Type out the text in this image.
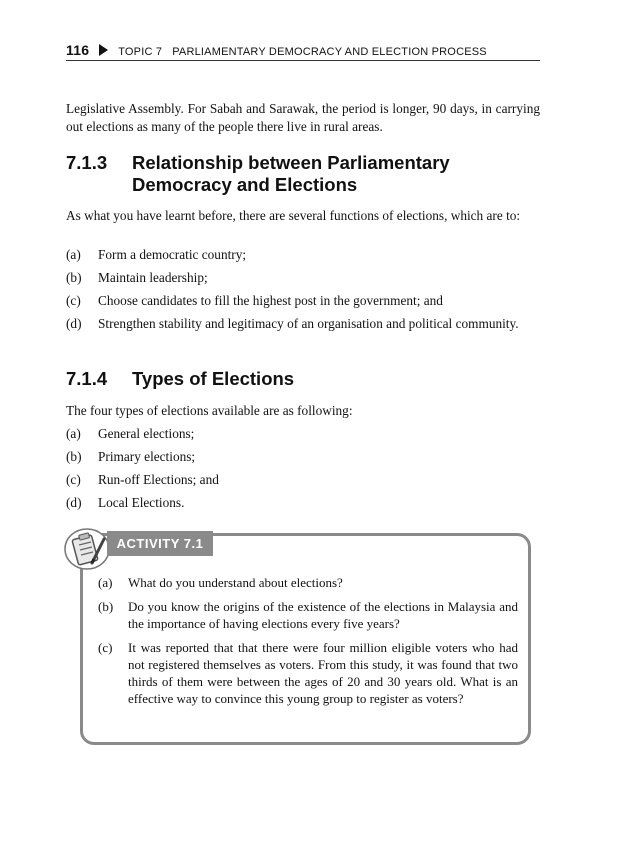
116	TOPIC 7 PARLIAMENTARY DEMOCRACY AND ELECTION PROCESS
Legislative Assembly. For Sabah and Sarawak, the period is longer, 90 days, in carrying out elections as many of the people there live in rural areas.
7.1.3	Relationship between Parliamentary Democracy and Elections
As what you have learnt before, there are several functions of elections, which are to:
(a)	Form a democratic country;
(b)	Maintain leadership;
(c)	Choose candidates to fill the highest post in the government; and
(d)	Strengthen stability and legitimacy of an organisation and political community.
7.1.4	Types of Elections
The four types of elections available are as following:
(a)	General elections;
(b)	Primary elections;
(c)	Run-off Elections; and
(d)	Local Elections.
ACTIVITY 7.1
(a)	What do you understand about elections?
(b)	Do you know the origins of the existence of the elections in Malaysia and the importance of having elections every five years?
(c)	It was reported that that there were four million eligible voters who had not registered themselves as voters. From this study, it was found that two thirds of them were between the ages of 20 and 30 years old. What is an effective way to convince this young group to register as voters?
